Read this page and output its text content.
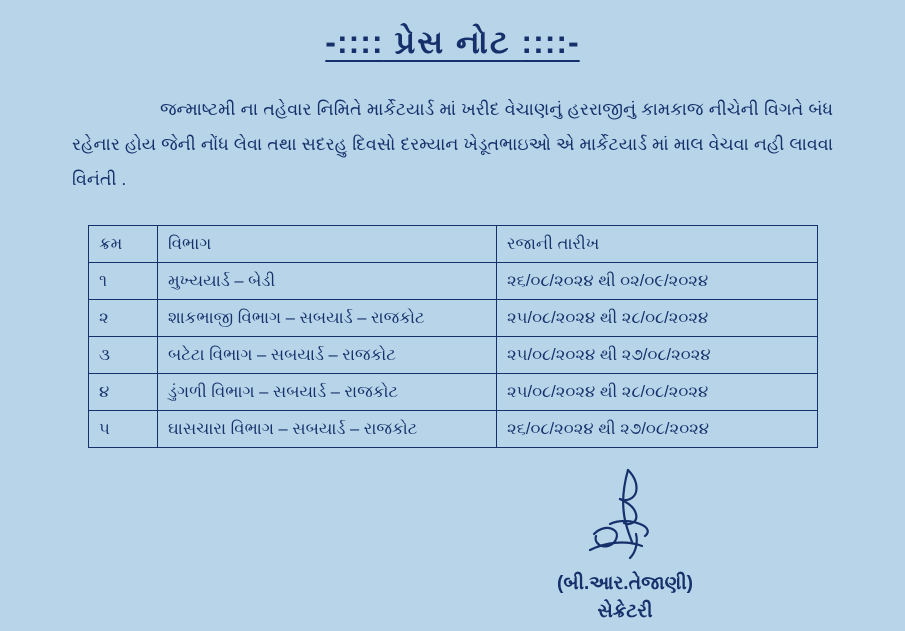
-:::: પ્રેસ નોટ ::::-

જન્માષ્ટમી ના તહેવાર નિમિતે માર્કેટયાર્ડ માં ખરીદ વેચાણનું હરરાજીનું કામકાજ નીચેની વિગતે બંધ રહેનાર હોય જેની નોંધ લેવા તથા સદરહુ દિવસો દરમ્યાન ખેડૂતભાઇઓ એ માર્કેટયાર્ડ માં માલ વેચવા નહી લાવવા વિનંતી .

ક્રમ	વિભાગ	રજાની તારીખ
૧	મુખ્યયાર્ડ – બેડી	૨૬/૦૮/૨૦૨૪ થી ૦૨/૦૯/૨૦૨૪
૨	શાકભાજી વિભાગ – સબયાર્ડ – રાજકોટ	૨૫/૦૮/૨૦૨૪ થી ૨૮/૦૮/૨૦૨૪
૩	બટેટા વિભાગ – સબયાર્ડ – રાજકોટ	૨૫/૦૮/૨૦૨૪ થી ૨૭/૦૮/૨૦૨૪
૪	ડુંગળી વિભાગ – સબયાર્ડ – રાજકોટ	૨૫/૦૮/૨૦૨૪ થી ૨૮/૦૮/૨૦૨૪
૫	ઘાસચારા વિભાગ – સબયાર્ડ – રાજકોટ	૨૬/૦૮/૨૦૨૪ થી ૨૭/૦૮/૨૦૨૪
(બી.આર.તેજાણી)
સેક્રેટરી
